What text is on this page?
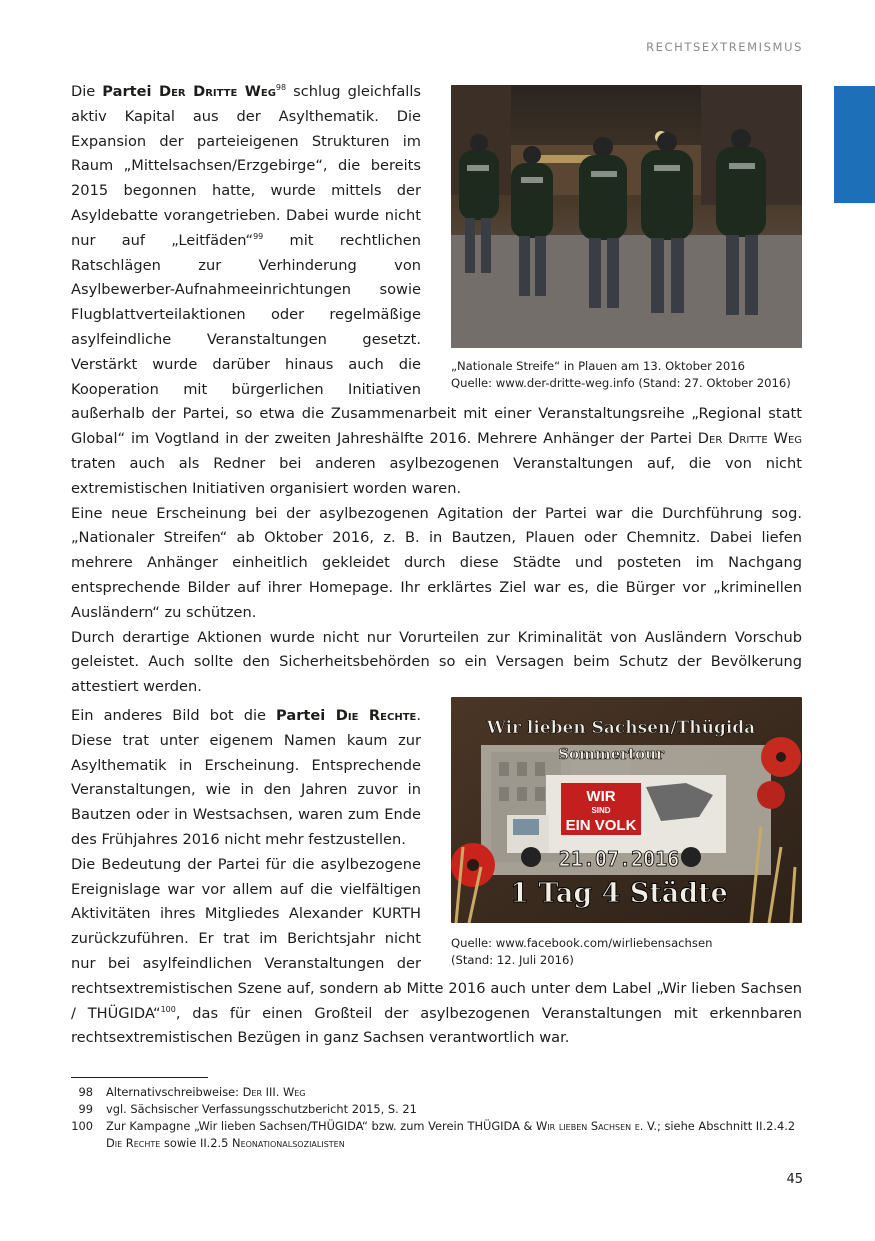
RECHTSEXTREMISMUS
„Nationale Streife“ in Plauen am 13. Oktober 2016
Quelle: www.der-dritte-weg.info (Stand: 27. Oktober 2016)

Die Partei Der Dritte Weg$^{98}$ schlug gleichfalls aktiv Kapital aus der Asylthematik. Die Expansion der parteieigenen Strukturen im Raum „Mittelsachsen/Erzgebirge“, die bereits 2015 begonnen hatte, wurde mittels der Asyldebatte vorangetrieben. Dabei wurde nicht nur auf „Leitfäden“$^{99}$ mit rechtlichen Ratschlägen zur Verhinderung von Asylbewerber-Aufnahmeeinrichtungen sowie Flugblattverteilaktionen oder regelmäßige asylfeindliche Veranstaltungen gesetzt. Verstärkt wurde darüber hinaus auch die Kooperation mit bürgerlichen Initiativen außerhalb der Partei, so etwa die Zusammenarbeit mit einer Veranstaltungsreihe „Regional statt Global“ im Vogtland in der zweiten Jahreshälfte 2016. Mehrere Anhänger der Partei Der Dritte Weg traten auch als Redner bei anderen asylbezogenen Veranstaltungen auf, die von nicht extremistischen Initiativen organisiert worden waren.

Eine neue Erscheinung bei der asylbezogenen Agitation der Partei war die Durchführung sog. „Nationaler Streifen“ ab Oktober 2016, z. B. in Bautzen, Plauen oder Chemnitz. Dabei liefen mehrere Anhänger einheitlich gekleidet durch diese Städte und posteten im Nachgang entsprechende Bilder auf ihrer Homepage. Ihr erklärtes Ziel war es, die Bürger vor „kriminellen Ausländern“ zu schützen.

Durch derartige Aktionen wurde nicht nur Vorurteilen zur Kriminalität von Ausländern Vorschub geleistet. Auch sollte den Sicherheitsbehörden so ein Versagen beim Schutz der Bevölkerung attestiert werden.

WIR
SIND
EIN VOLK
Wir lieben Sachsen/Thügida
Sommertour
21.07.2016
1 Tag 4 Städte
Quelle: www.facebook.com/wirliebensachsen
(Stand: 12. Juli 2016)

Ein anderes Bild bot die Partei Die Rechte. Diese trat unter eigenem Namen kaum zur Asylthematik in Erscheinung. Entsprechende Veranstaltungen, wie in den Jahren zuvor in Bautzen oder in Westsachsen, waren zum Ende des Frühjahres 2016 nicht mehr festzustellen.

Die Bedeutung der Partei für die asylbezogene Ereignislage war vor allem auf die vielfältigen Aktivitäten ihres Mitgliedes Alexander KURTH zurückzuführen. Er trat im Berichtsjahr nicht nur bei asylfeindlichen Veranstaltungen der rechtsextremistischen Szene auf, sondern ab Mitte 2016 auch unter dem Label „Wir lieben Sachsen / THÜGIDA“$^{100}$, das für einen Großteil der asylbezogenen Veranstaltungen mit erkennbaren rechtsextremistischen Bezügen in ganz Sachsen verantwortlich war.

98 Alternativschreibweise: Der III. Weg
99 vgl. Sächsischer Verfassungsschutzbericht 2015, S. 21
100 Zur Kampagne „Wir lieben Sachsen/THÜGIDA“ bzw. zum Verein THÜGIDA & Wir lieben Sachsen e. V.; siehe Abschnitt II.2.4.2
Die Rechte sowie II.2.5 Neonationalsozialisten
45
